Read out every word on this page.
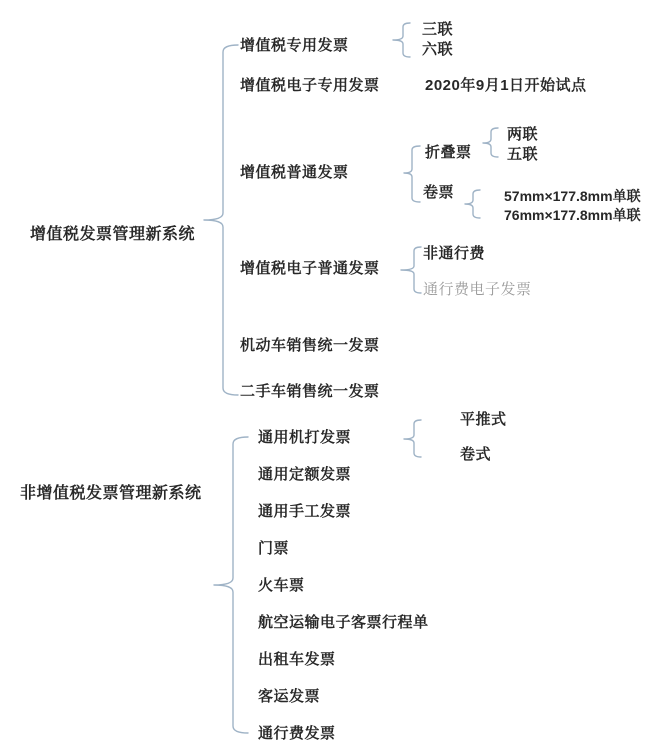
增值税发票管理新系统
增值税专用发票
三联
六联
增值税电子专用发票	2020年9月1日开始试点
增值税普通发票
折叠票
两联
五联
卷票	57mm×177.8mm单联
76mm×177.8mm单联
增值税电子普通发票
非通行费
通行费电子发票
机动车销售统一发票
二手车销售统一发票
非增值税发票管理新系统
通用机打发票
平推式
卷式
通用定额发票
通用手工发票
门票
火车票
航空运输电子客票行程单
出租车发票
客运发票
通行费发票
